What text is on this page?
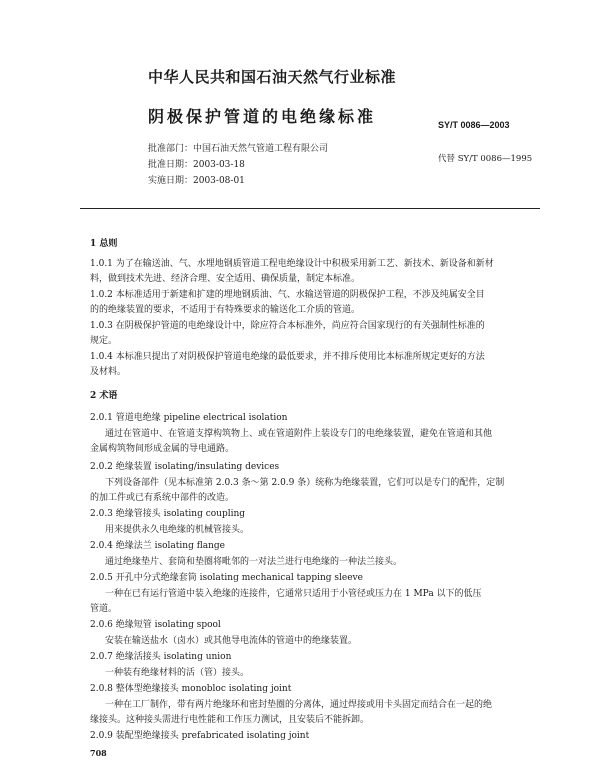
中华人民共和国石油天然气行业标准
阴极保护管道的电绝缘标准	SY/T 0086—2003
批准部门：中国石油天然气管道工程有限公司
批准日期：2003-03-18
实施日期：2003-08-01
代替 SY/T 0086—1995
1 总则
1.0.1 为了在输送油、气、水埋地钢质管道工程电绝缘设计中积极采用新工艺、新技术、新设备和新材
料，做到技术先进、经济合理、安全适用、确保质量，制定本标准。
1.0.2 本标准适用于新建和扩建的埋地钢质油、气、水输送管道的阴极保护工程，不涉及纯属安全目
的的绝缘装置的要求，不适用于有特殊要求的输送化工介质的管道。
1.0.3 在阴极保护管道的电绝缘设计中，除应符合本标准外，尚应符合国家现行的有关强制性标准的
规定。
1.0.4 本标准只提出了对阴极保护管道电绝缘的最低要求，并不排斥使用比本标准所规定更好的方法
及材料。
2 术语
2.0.1 管道电绝缘 pipeline electrical isolation
通过在管道中、在管道支撑构筑物上、或在管道附件上装设专门的电绝缘装置，避免在管道和其他
金属构筑物间形成金属的导电通路。
2.0.2 绝缘装置 isolating/insulating devices
下列设备部件（见本标准第 2.0.3 条～第 2.0.9 条）统称为绝缘装置，它们可以是专门的配件，定制
的加工件或已有系统中部件的改造。
2.0.3 绝缘管接头 isolating coupling
用来提供永久电绝缘的机械管接头。
2.0.4 绝缘法兰 isolating flange
通过绝缘垫片、套筒和垫圈将毗邻的一对法兰进行电绝缘的一种法兰接头。
2.0.5 开孔中分式绝缘套筒 isolating mechanical tapping sleeve
一种在已有运行管道中装入绝缘的连接件，它通常只适用于小管径或压力在 1 MPa 以下的低压
管道。
2.0.6 绝缘短管 isolating spool
安装在输送盐水（卤水）或其他导电流体的管道中的绝缘装置。
2.0.7 绝缘活接头 isolating union
一种装有绝缘材料的活（管）接头。
2.0.8 整体型绝缘接头 monobloc isolating joint
一种在工厂制作，带有两片绝缘环和密封垫圈的分离体，通过焊接或用卡头固定而结合在一起的绝
缘接头。这种接头需进行电性能和工作压力测试，且安装后不能拆卸。
2.0.9 装配型绝缘接头 prefabricated isolating joint
708
